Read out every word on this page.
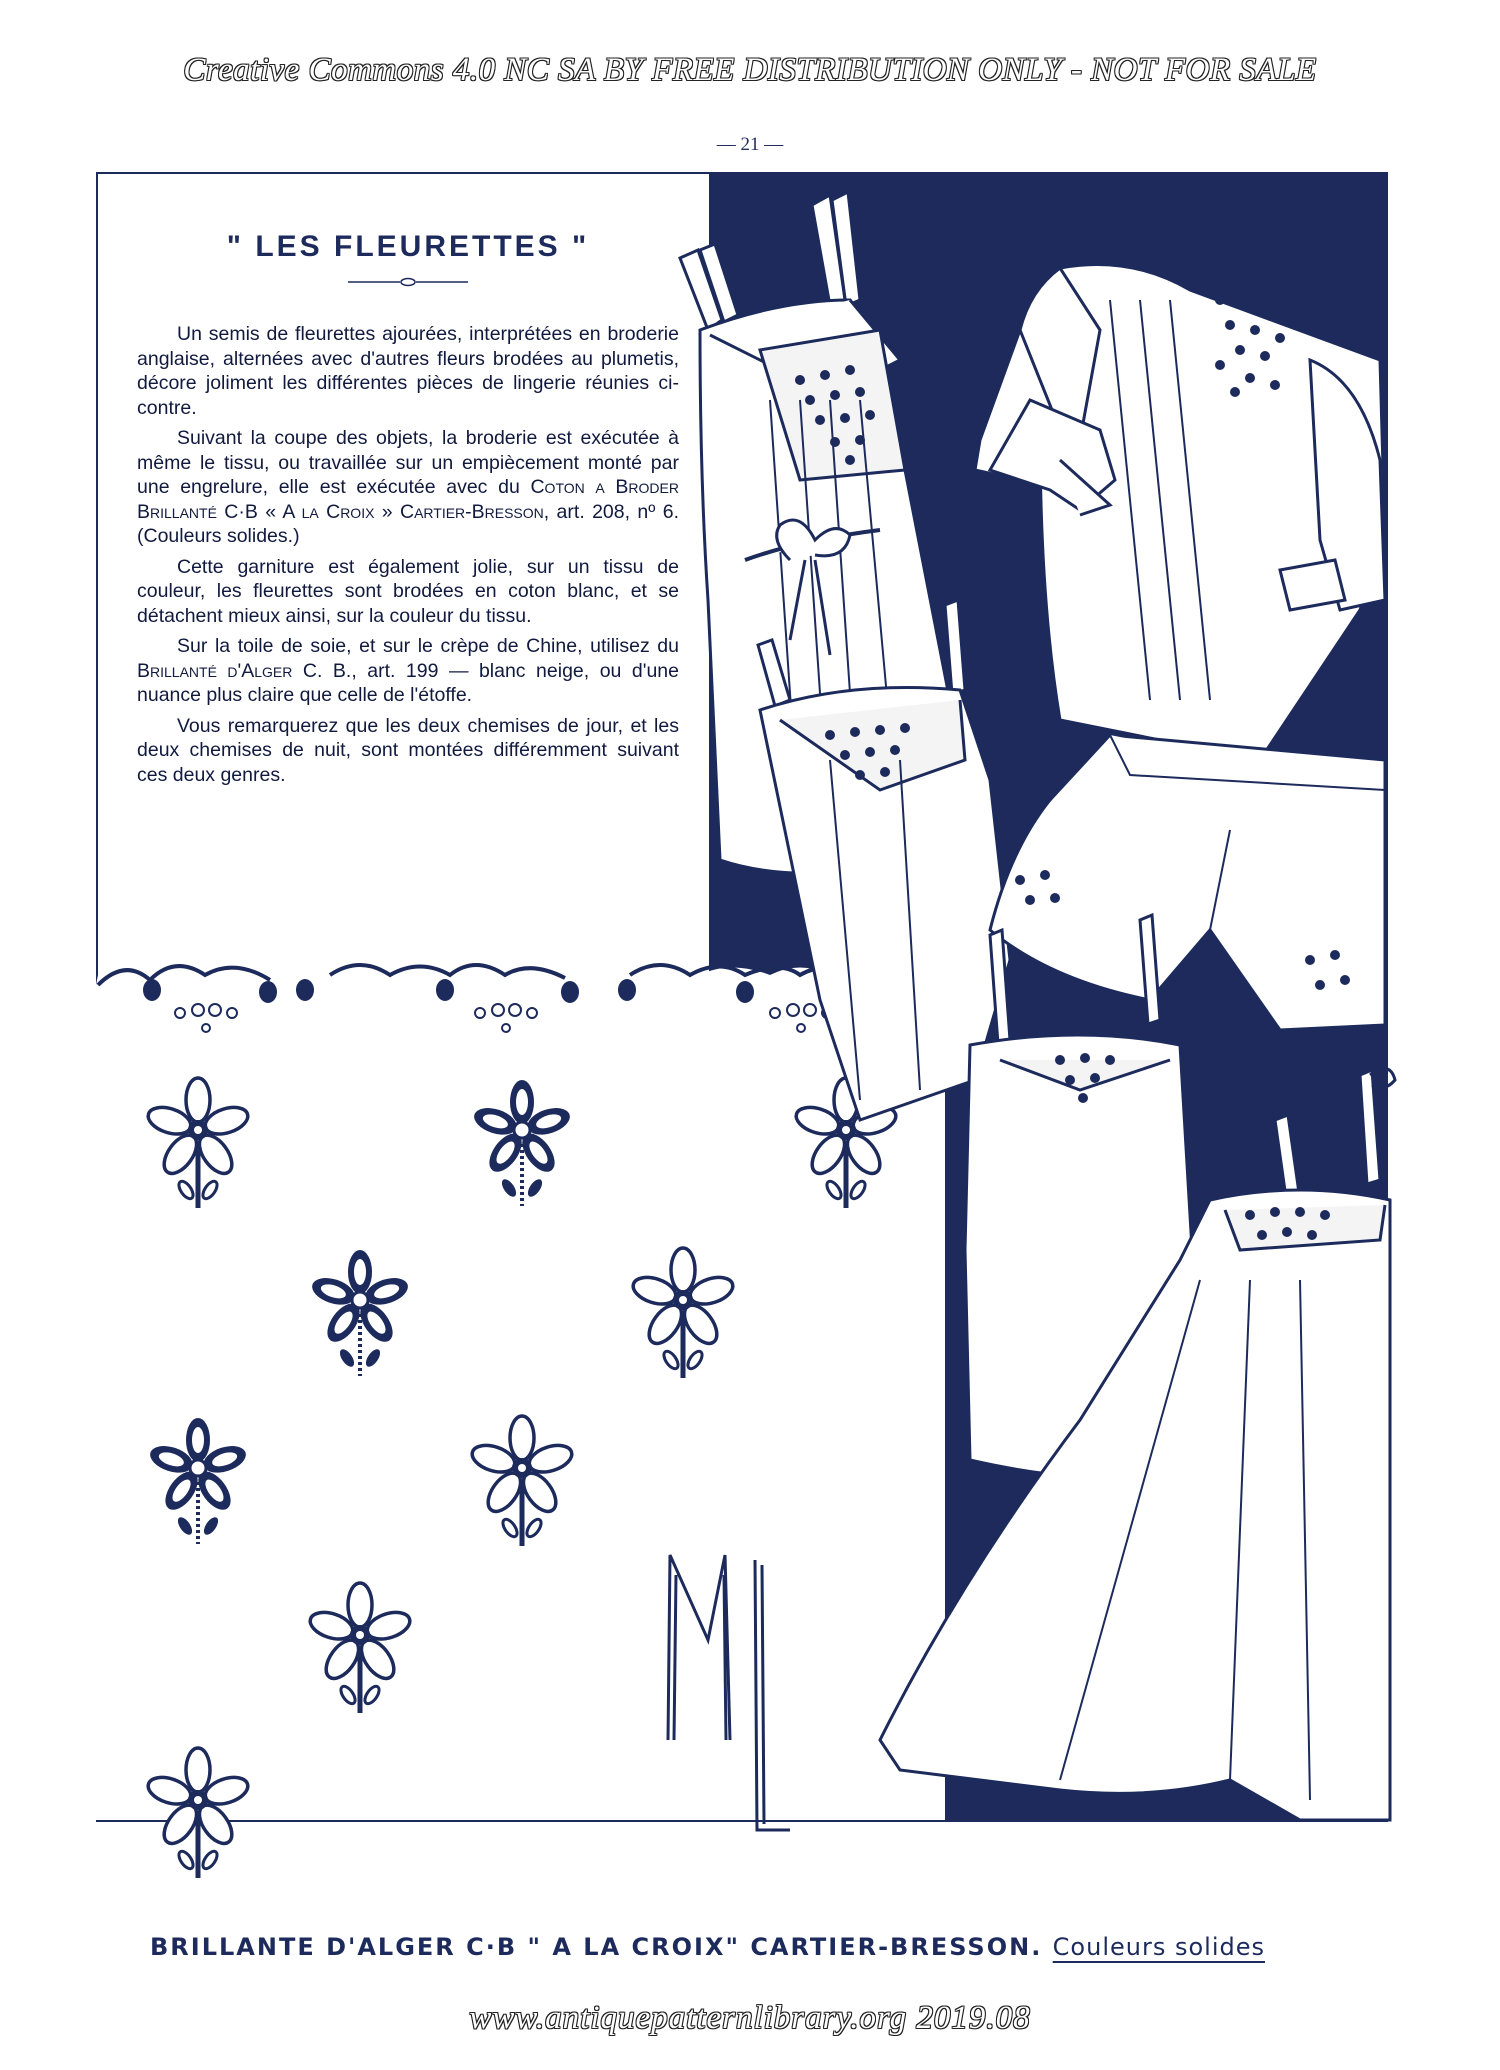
Creative Commons 4.0 NC SA BY FREE DISTRIBUTION ONLY - NOT FOR SALE
— 21 —
" LES FLEURETTES "

Un semis de fleurettes ajourées, interprétées en broderie anglaise, alternées avec d'autres fleurs brodées au plumetis, décore joliment les différentes pièces de lingerie réunies ci-contre.

Suivant la coupe des objets, la broderie est exécutée à même le tissu, ou travaillée sur un empiècement monté par une engrelure, elle est exécutée avec du Coton a Broder Brillanté C·B « A la Croix » Cartier-Bresson, art. 208, nº 6. (Couleurs solides.)

Cette garniture est également jolie, sur un tissu de couleur, les fleurettes sont brodées en coton blanc, et se détachent mieux ainsi, sur la couleur du tissu.

Sur la toile de soie, et sur le crèpe de Chine, utilisez du Brillanté d'Alger C. B., art. 199 — blanc neige, ou d'une nuance plus claire que celle de l'étoffe.

Vous remarquerez que les deux chemises de jour, et les deux chemises de nuit, sont montées différemment suivant ces deux genres.

BRILLANTE D'ALGER C·B " A LA CROIX" CARTIER-BRESSON. Couleurs solides
www.antiquepatternlibrary.org 2019.08
